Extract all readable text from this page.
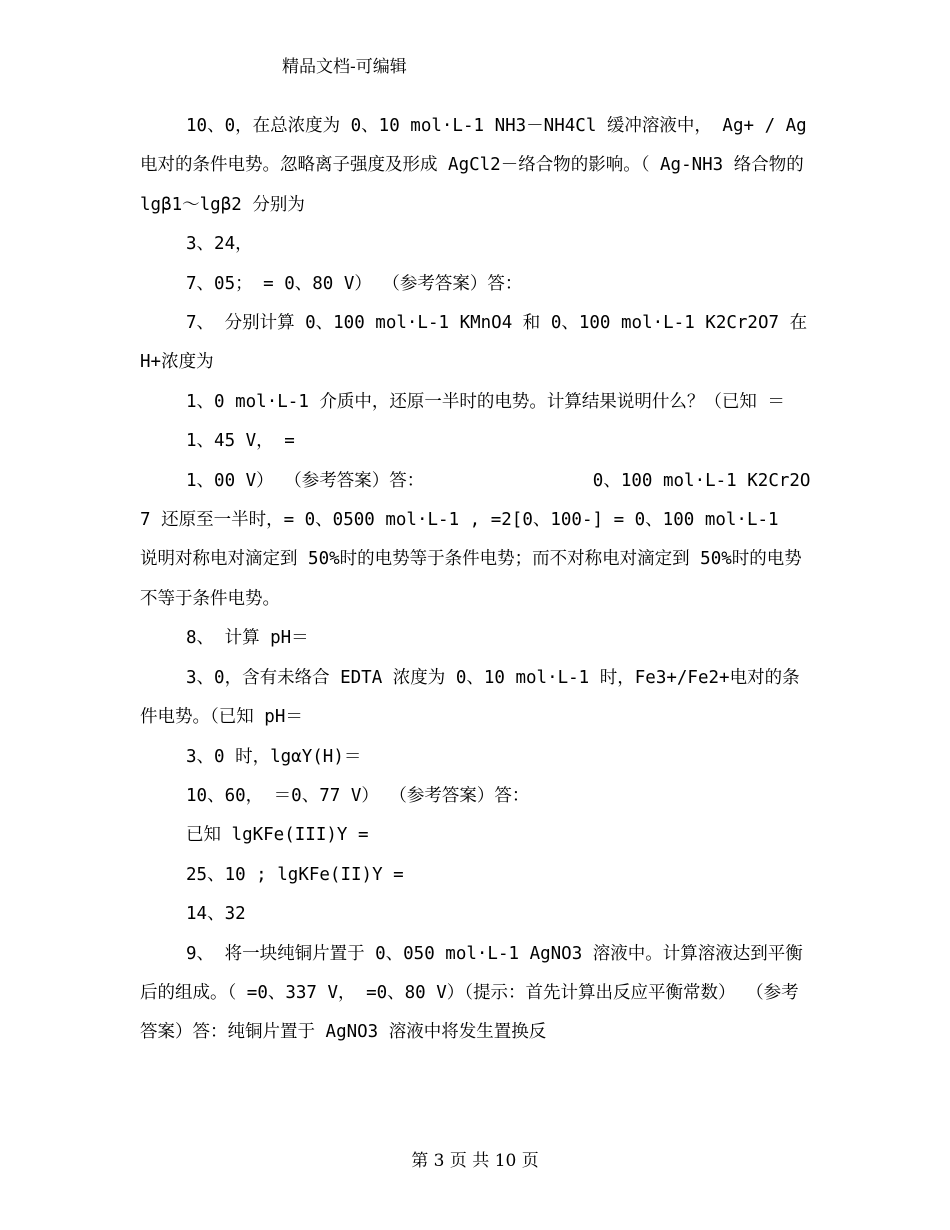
精品文档-可编辑

10、0，在总浓度为 0、10 mol·L-1 NH3－NH4Cl 缓冲溶液中， Ag+ / Ag 电对的条件电势。忽略离子强度及形成 AgCl2－络合物的影响。（ Ag-NH3 络合物的 lgβ1～lgβ2 分别为

3、24，

7、05； = 0、80 V） （参考答案）答：

7、 分别计算 0、100 mol·L-1 KMnO4 和 0、100 mol·L-1 K2Cr2O7 在 H+浓度为

1、0 mol·L-1 介质中，还原一半时的电势。计算结果说明什么？（已知 ＝

1、45 V， =

1、00 V） （参考答案）答：                0、100 mol·L-1 K2Cr2O7 还原至一半时，= 0、0500 mol·L-1 , =2[0、100-] = 0、100 mol·L-1         说明对称电对滴定到 50%时的电势等于条件电势；而不对称电对滴定到 50%时的电势不等于条件电势。

8、 计算 pH＝

3、0，含有未络合 EDTA 浓度为 0、10 mol·L-1 时，Fe3+/Fe2+电对的条件电势。（已知 pH＝

3、0 时，lgαY(H)＝

10、60， ＝0、77 V） （参考答案）答：

已知 lgKFe(III)Y =

25、10 ; lgKFe(II)Y =

14、32

9、 将一块纯铜片置于 0、050 mol·L-1 AgNO3 溶液中。计算溶液达到平衡后的组成。（ =0、337 V， =0、80 V）（提示：首先计算出反应平衡常数） （参考答案）答：纯铜片置于 AgNO3 溶液中将发生置换反

第 3 页 共 10 页
